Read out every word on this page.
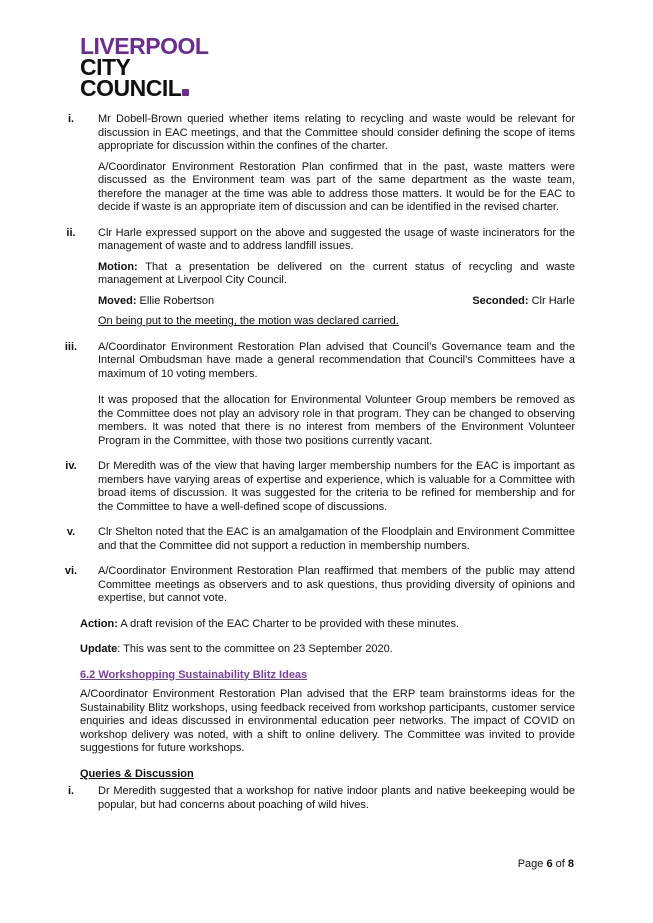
LIVERPOOL
CITY
COUNCIL
i.	Mr Dobell-Brown queried whether items relating to recycling and waste would be relevant for discussion in EAC meetings, and that the Committee should consider defining the scope of items appropriate for discussion within the confines of the charter.

A/Coordinator Environment Restoration Plan confirmed that in the past, waste matters were discussed as the Environment team was part of the same department as the waste team, therefore the manager at the time was able to address those matters. It would be for the EAC to decide if waste is an appropriate item of discussion and can be identified in the revised charter.

ii.	Clr Harle expressed support on the above and suggested the usage of waste incinerators for the management of waste and to address landfill issues.

Motion: That a presentation be delivered on the current status of recycling and waste management at Liverpool City Council.

Moved: Ellie Robertson	Seconded: Clr Harle

On being put to the meeting, the motion was declared carried.

iii.	A/Coordinator Environment Restoration Plan advised that Council’s Governance team and the Internal Ombudsman have made a general recommendation that Council’s Committees have a maximum of 10 voting members.

It was proposed that the allocation for Environmental Volunteer Group members be removed as the Committee does not play an advisory role in that program. They can be changed to observing members. It was noted that there is no interest from members of the Environment Volunteer Program in the Committee, with those two positions currently vacant.

iv.	Dr Meredith was of the view that having larger membership numbers for the EAC is important as members have varying areas of expertise and experience, which is valuable for a Committee with broad items of discussion. It was suggested for the criteria to be refined for membership and for the Committee to have a well-defined scope of discussions.

v.	Clr Shelton noted that the EAC is an amalgamation of the Floodplain and Environment Committee and that the Committee did not support a reduction in membership numbers.

vi.	A/Coordinator Environment Restoration Plan reaffirmed that members of the public may attend Committee meetings as observers and to ask questions, thus providing diversity of opinions and expertise, but cannot vote.

Action: A draft revision of the EAC Charter to be provided with these minutes.

Update: This was sent to the committee on 23 September 2020.

6.2 Workshopping Sustainability Blitz Ideas

A/Coordinator Environment Restoration Plan advised that the ERP team brainstorms ideas for the Sustainability Blitz workshops, using feedback received from workshop participants, customer service enquiries and ideas discussed in environmental education peer networks. The impact of COVID on workshop delivery was noted, with a shift to online delivery. The Committee was invited to provide suggestions for future workshops.

Queries & Discussion

i.	Dr Meredith suggested that a workshop for native indoor plants and native beekeeping would be popular, but had concerns about poaching of wild hives.

Page 6 of 8
